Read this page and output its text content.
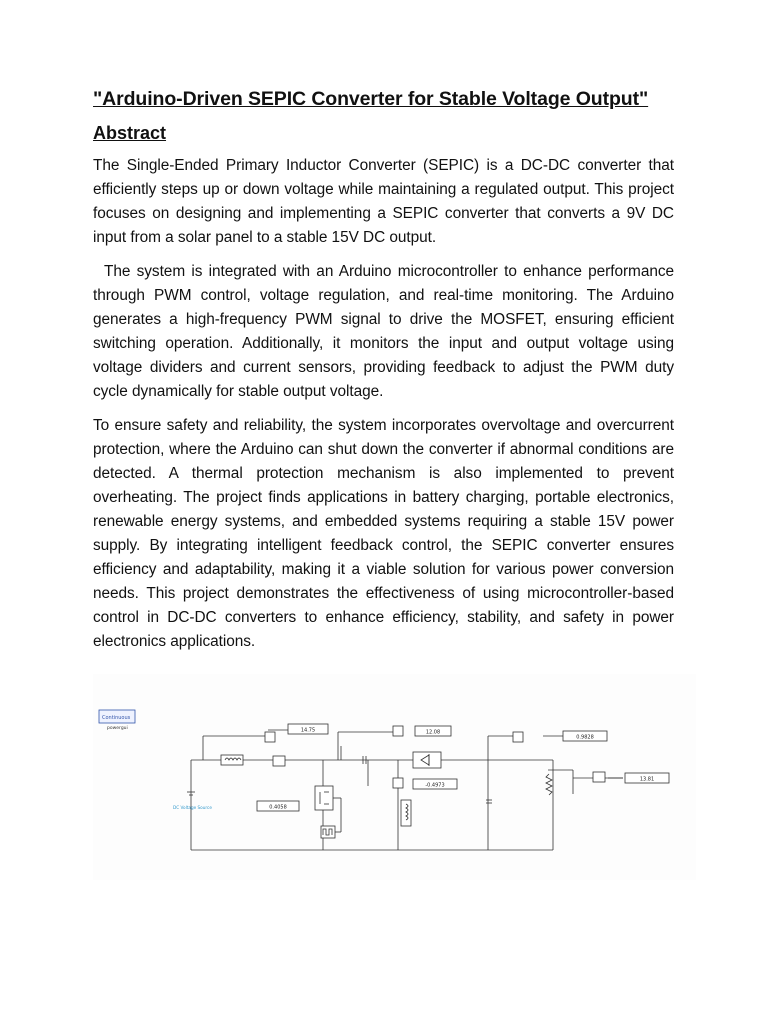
"Arduino-Driven SEPIC Converter for Stable Voltage Output"
Abstract

The Single-Ended Primary Inductor Converter (SEPIC) is a DC-DC converter that efficiently steps up or down voltage while maintaining a regulated output. This project focuses on designing and implementing a SEPIC converter that converts a 9V DC input from a solar panel to a stable 15V DC output.

The system is integrated with an Arduino microcontroller to enhance performance through PWM control, voltage regulation, and real-time monitoring. The Arduino generates a high-frequency PWM signal to drive the MOSFET, ensuring efficient switching operation. Additionally, it monitors the input and output voltage using voltage dividers and current sensors, providing feedback to adjust the PWM duty cycle dynamically for stable output voltage.

To ensure safety and reliability, the system incorporates overvoltage and overcurrent protection, where the Arduino can shut down the converter if abnormal conditions are detected. A thermal protection mechanism is also implemented to prevent overheating. The project finds applications in battery charging, portable electronics, renewable energy systems, and embedded systems requiring a stable 15V power supply. By integrating intelligent feedback control, the SEPIC converter ensures efficiency and adaptability, making it a viable solution for various power conversion needs. This project demonstrates the effectiveness of using microcontroller-based control in DC-DC converters to enhance efficiency, stability, and safety in power electronics applications.

Continuous
powergui
DC Voltage Source
14.75	12.08
0.4058
-0.4973
0.9828
13.81
